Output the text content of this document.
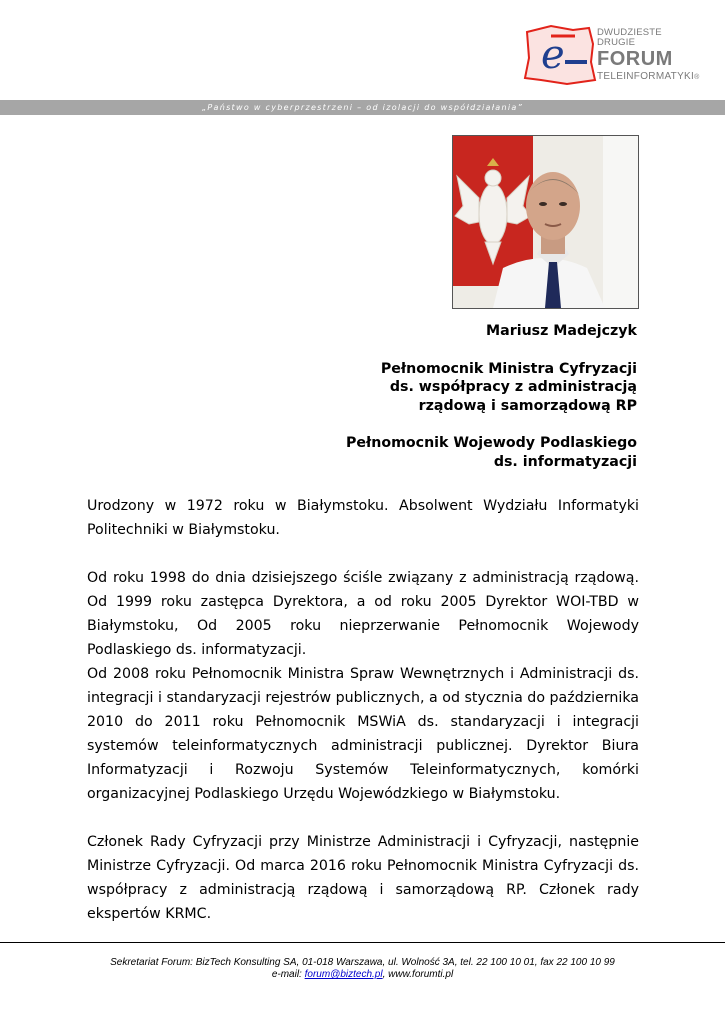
e	DWUDZIESTE DRUGIE
FORUM
TELEINFORMATYKI®
„Państwo w cyberprzestrzeni – od izolacji do współdziałania”

Mariusz Madejczyk

Pełnomocnik Ministra Cyfryzacji

ds. współpracy z administracją

rządową i samorządową RP

Pełnomocnik Wojewody Podlaskiego

ds. informatyzacji

Urodzony w 1972 roku w Białymstoku. Absolwent Wydziału Informatyki Politechniki w Białymstoku.

Od roku 1998 do dnia dzisiejszego ściśle związany z administracją rządową. Od 1999 roku zastępca Dyrektora, a od roku 2005 Dyrektor WOI-TBD w Białymstoku, Od 2005 roku nieprzerwanie Pełnomocnik Wojewody Podlaskiego ds. informatyzacji.

Od 2008 roku Pełnomocnik Ministra Spraw Wewnętrznych i Administracji ds. integracji i standaryzacji rejestrów publicznych, a od stycznia do października 2010 do 2011 roku Pełnomocnik MSWiA ds. standaryzacji i integracji systemów teleinformatycznych administracji publicznej. Dyrektor Biura Informatyzacji i Rozwoju Systemów Teleinformatycznych, komórki organizacyjnej Podlaskiego Urzędu Wojewódzkiego w Białymstoku.

Członek Rady Cyfryzacji przy Ministrze Administracji i Cyfryzacji, następnie Ministrze Cyfryzacji. Od marca 2016 roku Pełnomocnik Ministra Cyfryzacji ds. współpracy z administracją rządową i samorządową RP. Członek rady ekspertów KRMC.

Sekretariat Forum: BizTech Konsulting SA, 01-018 Warszawa, ul. Wolność 3A, tel. 22 100 10 01, fax 22 100 10 99
e-mail: forum@biztech.pl, www.forumti.pl
